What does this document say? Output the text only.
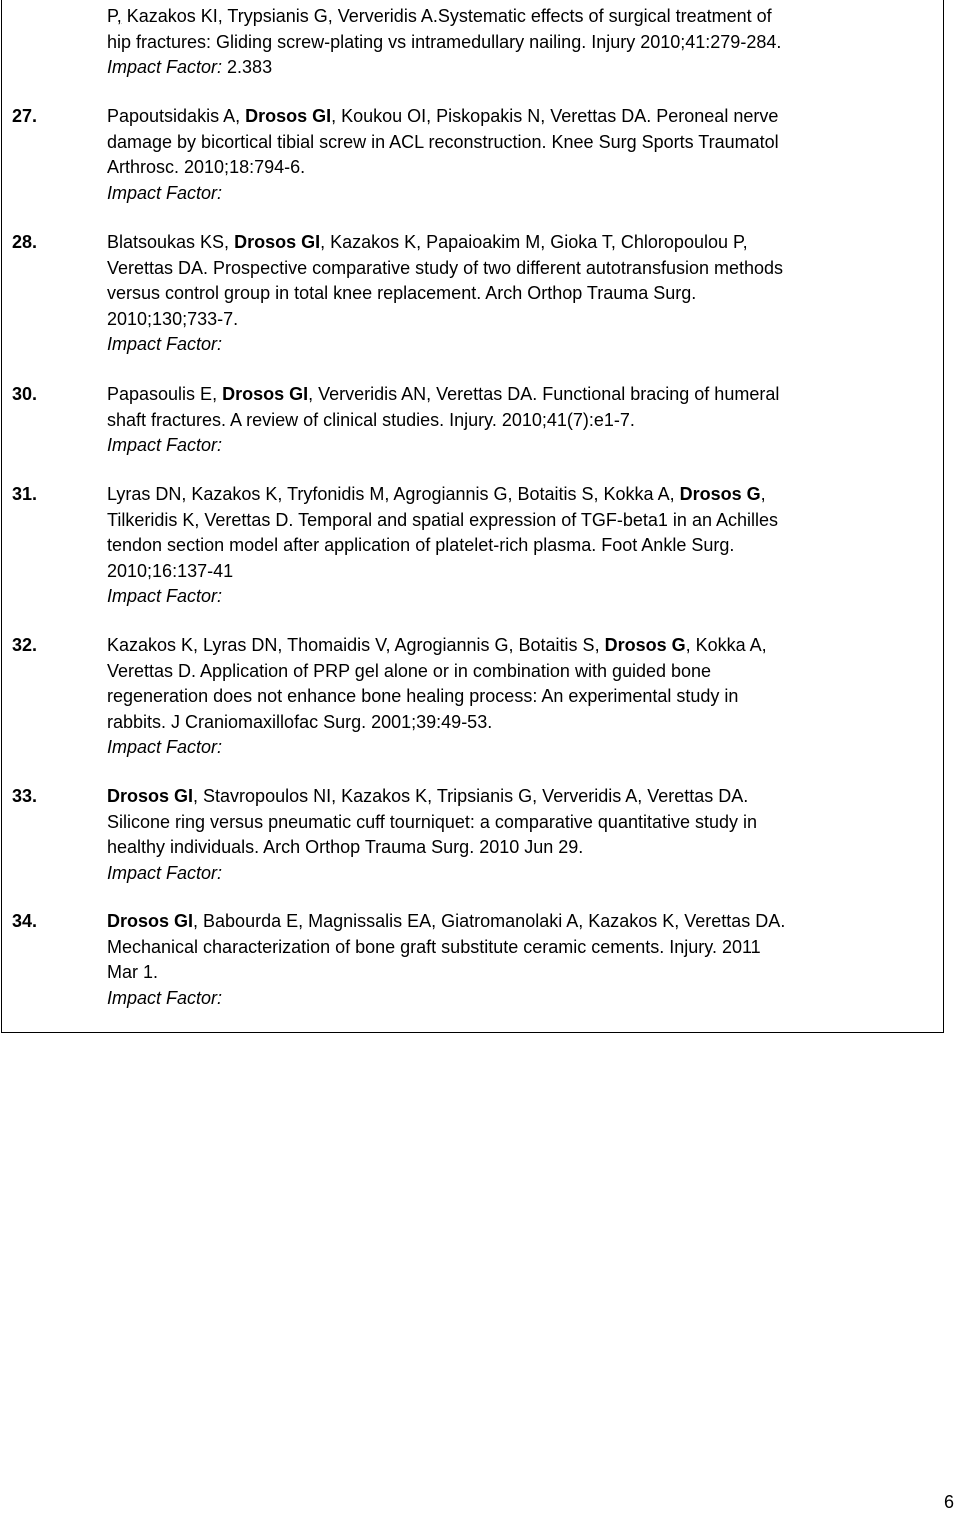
P, Kazakos KI, Trypsianis G, Ververidis A.Systematic effects of surgical treatment of
hip fractures: Gliding screw-plating vs intramedullary nailing. Injury 2010;41:279-284.
Impact Factor: 2.383
27.	Papoutsidakis A, Drosos GI, Koukou OI, Piskopakis N, Verettas DA. Peroneal nerve
damage by bicortical tibial screw in ACL reconstruction. Knee Surg Sports Traumatol
Arthrosc. 2010;18:794-6.
Impact Factor:
28.	Blatsoukas KS, Drosos GI, Kazakos K, Papaioakim M, Gioka T, Chloropoulou P,
Verettas DA. Prospective comparative study of two different autotransfusion methods
versus control group in total knee replacement. Arch Orthop Trauma Surg.
2010;130;733-7.
Impact Factor:
30.	Papasoulis E, Drosos GI, Ververidis AN, Verettas DA. Functional bracing of humeral
shaft fractures. A review of clinical studies. Injury. 2010;41(7):e1-7.
Impact Factor:
31.	Lyras DN, Kazakos K, Tryfonidis M, Agrogiannis G, Botaitis S, Kokka A, Drosos G,
Tilkeridis K, Verettas D. Temporal and spatial expression of TGF-beta1 in an Achilles
tendon section model after application of platelet-rich plasma. Foot Ankle Surg.
2010;16:137-41
Impact Factor:
32.	Kazakos K, Lyras DN, Thomaidis V, Agrogiannis G, Botaitis S, Drosos G, Kokka A,
Verettas D. Application of PRP gel alone or in combination with guided bone
regeneration does not enhance bone healing process: An experimental study in
rabbits. J Craniomaxillofac Surg. 2001;39:49-53.
Impact Factor:
33.	Drosos GI, Stavropoulos NI, Kazakos K, Tripsianis G, Ververidis A, Verettas DA.
Silicone ring versus pneumatic cuff tourniquet: a comparative quantitative study in
healthy individuals. Arch Orthop Trauma Surg. 2010 Jun 29.
Impact Factor:
34.	Drosos GI, Babourda E, Magnissalis EA, Giatromanolaki A, Kazakos K, Verettas DA.
Mechanical characterization of bone graft substitute ceramic cements. Injury. 2011
Mar 1.
Impact Factor:
6
